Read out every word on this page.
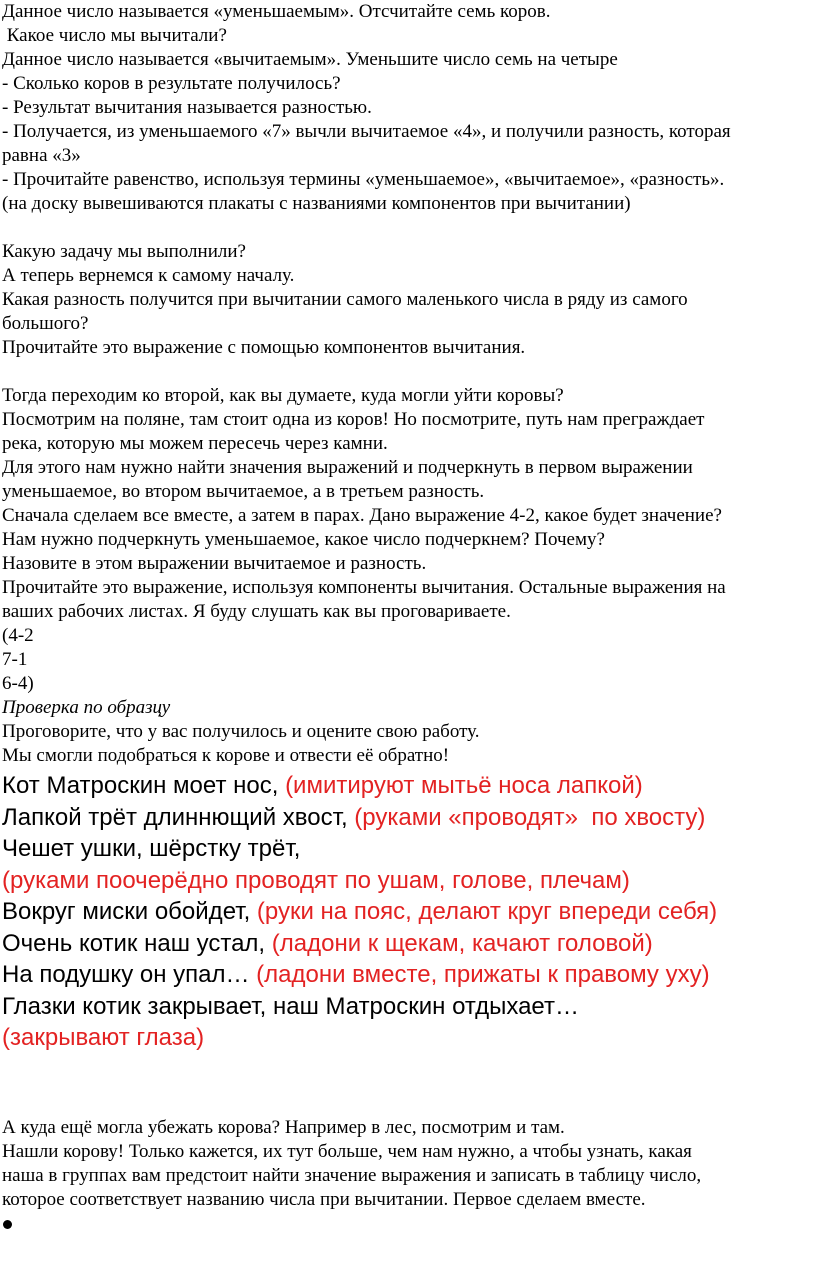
Данное число называется «уменьшаемым». Отсчитайте семь коров.

Какое число мы вычитали?

Данное число называется «вычитаемым». Уменьшите число семь на четыре

- Сколько коров в результате получилось?

- Результат вычитания называется разностью.

- Получается, из уменьшаемого «7» вычли вычитаемое «4», и получили разность, которая

равна «3»

- Прочитайте равенство, используя термины «уменьшаемое», «вычитаемое», «разность».

(на доску вывешиваются плакаты с названиями компонентов при вычитании)

Какую задачу мы выполнили?

А теперь вернемся к самому началу.

Какая разность получится при вычитании самого маленького числа в ряду из самого

большого?

Прочитайте это выражение с помощью компонентов вычитания.

Тогда переходим ко второй, как вы думаете, куда могли уйти коровы?

Посмотрим на поляне, там стоит одна из коров! Но посмотрите, путь нам преграждает

река, которую мы можем пересечь через камни.

Для этого нам нужно найти значения выражений и подчеркнуть в первом выражении

уменьшаемое, во втором вычитаемое, а в третьем разность.

Сначала сделаем все вместе, а затем в парах. Дано выражение 4-2, какое будет значение?

Нам нужно подчеркнуть уменьшаемое, какое число подчеркнем? Почему?

Назовите в этом выражении вычитаемое и разность.

Прочитайте это выражение, используя компоненты вычитания. Остальные выражения на

ваших рабочих листах. Я буду слушать как вы проговариваете.

(4-2

7-1

6-4)

Проверка по образцу

Проговорите, что у вас получилось и оцените свою работу.

Мы смогли подобраться к корове и отвести её обратно!

Кот Матроскин моет нос, (имитируют мытьё носа лапкой)

Лапкой трёт длиннющий хвост, (руками «проводят»  по хвосту)

Чешет ушки, шёрстку трёт,

(руками поочерёдно проводят по ушам, голове, плечам)

Вокруг миски обойдет, (руки на пояс, делают круг впереди себя)

Очень котик наш устал, (ладони к щекам, качают головой)

На подушку он упал… (ладони вместе, прижаты к правому уху)

Глазки котик закрывает, наш Матроскин отдыхает…

(закрывают глаза)

А куда ещё могла убежать корова? Например в лес, посмотрим и там.

Нашли корову! Только кажется, их тут больше, чем нам нужно, а чтобы узнать, какая

наша в группах вам предстоит найти значение выражения и записать в таблицу число,

которое соответствует названию числа при вычитании. Первое сделаем вместе.
